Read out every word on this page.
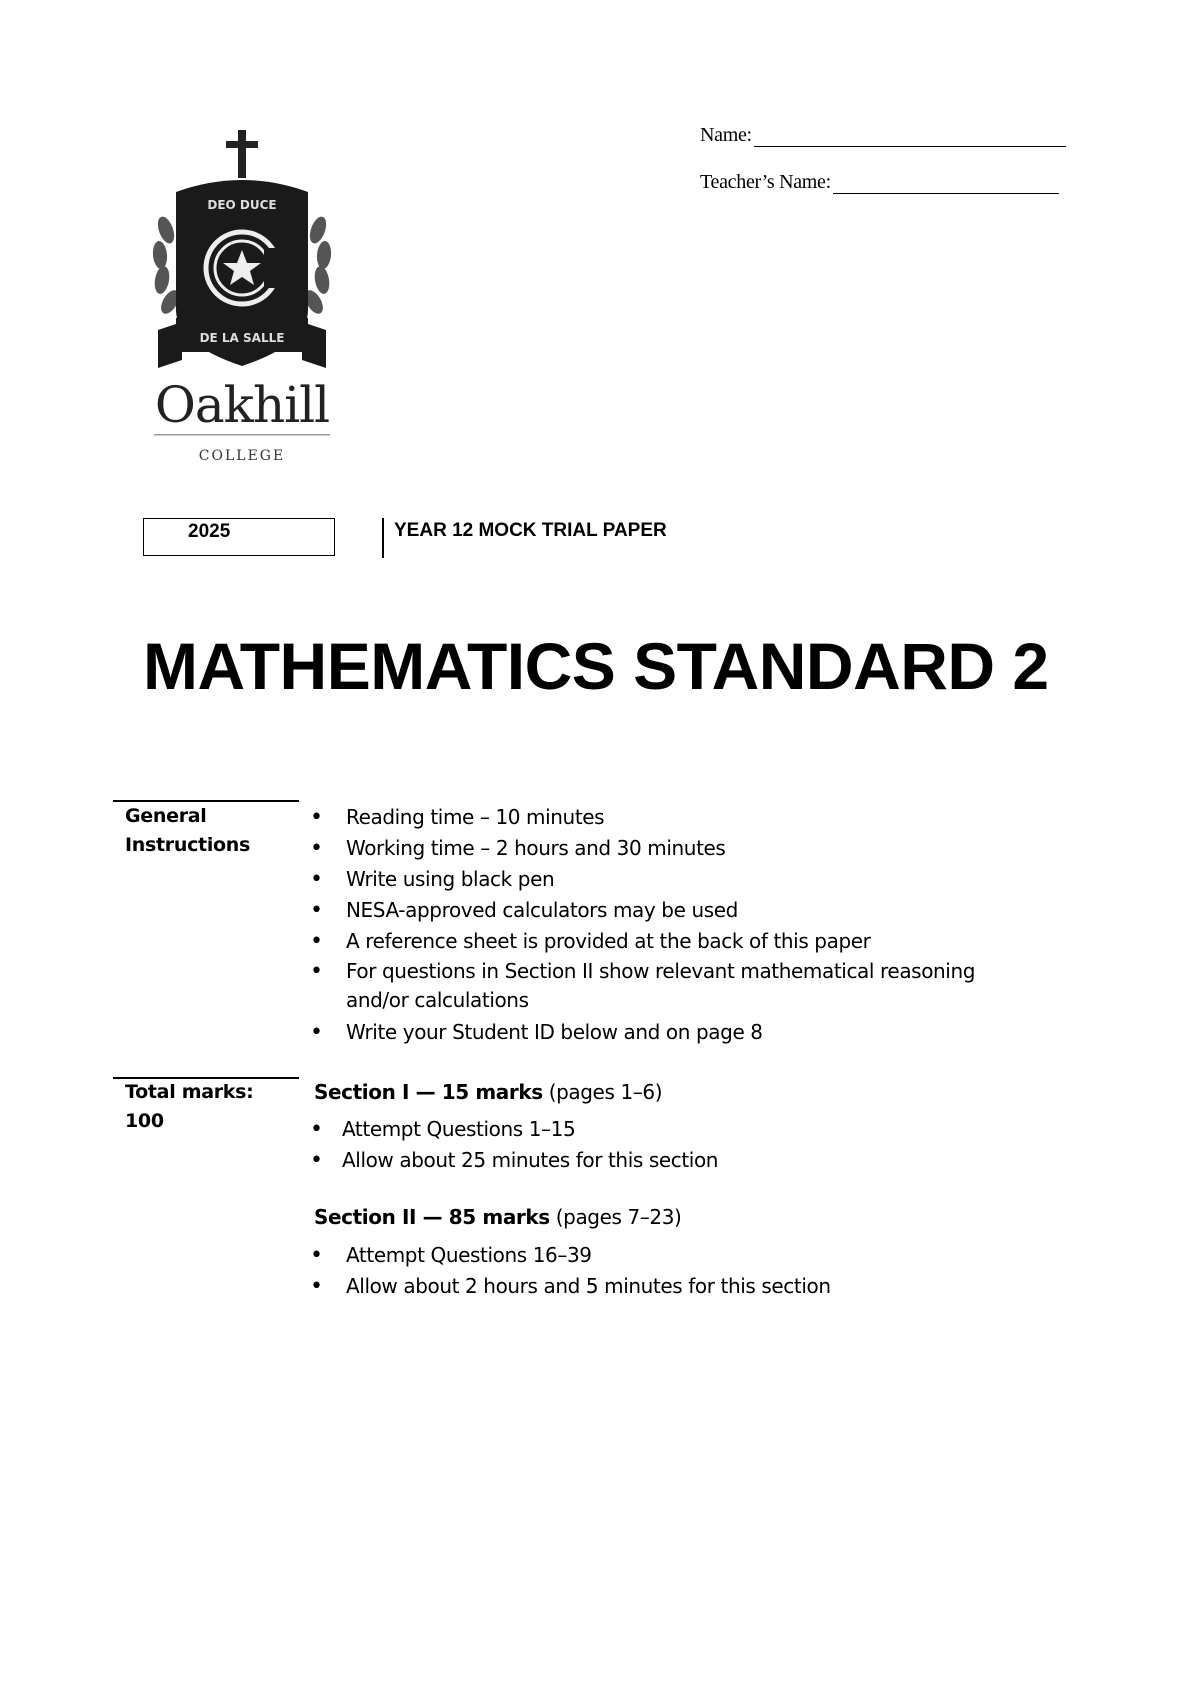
Name:
Teacher’s Name:
DEO DUCE
DE LA SALLE
Oakhill
COLLEGE
2025	YEAR 12 MOCK TRIAL PAPER
MATHEMATICS STANDARD 2
General
Instructions
• Reading time – 10 minutes
• Working time – 2 hours and 30 minutes
• Write using black pen
• NESA-approved calculators may be used
• A reference sheet is provided at the back of this paper
• For questions in Section II show relevant mathematical reasoning and/or calculations
• Write your Student ID below and on page 8
Total marks:
100
Section I — 15 marks (pages 1–6)
• Attempt Questions 1–15
• Allow about 25 minutes for this section
Section II — 85 marks (pages 7–23)
• Attempt Questions 16–39
• Allow about 2 hours and 5 minutes for this section
